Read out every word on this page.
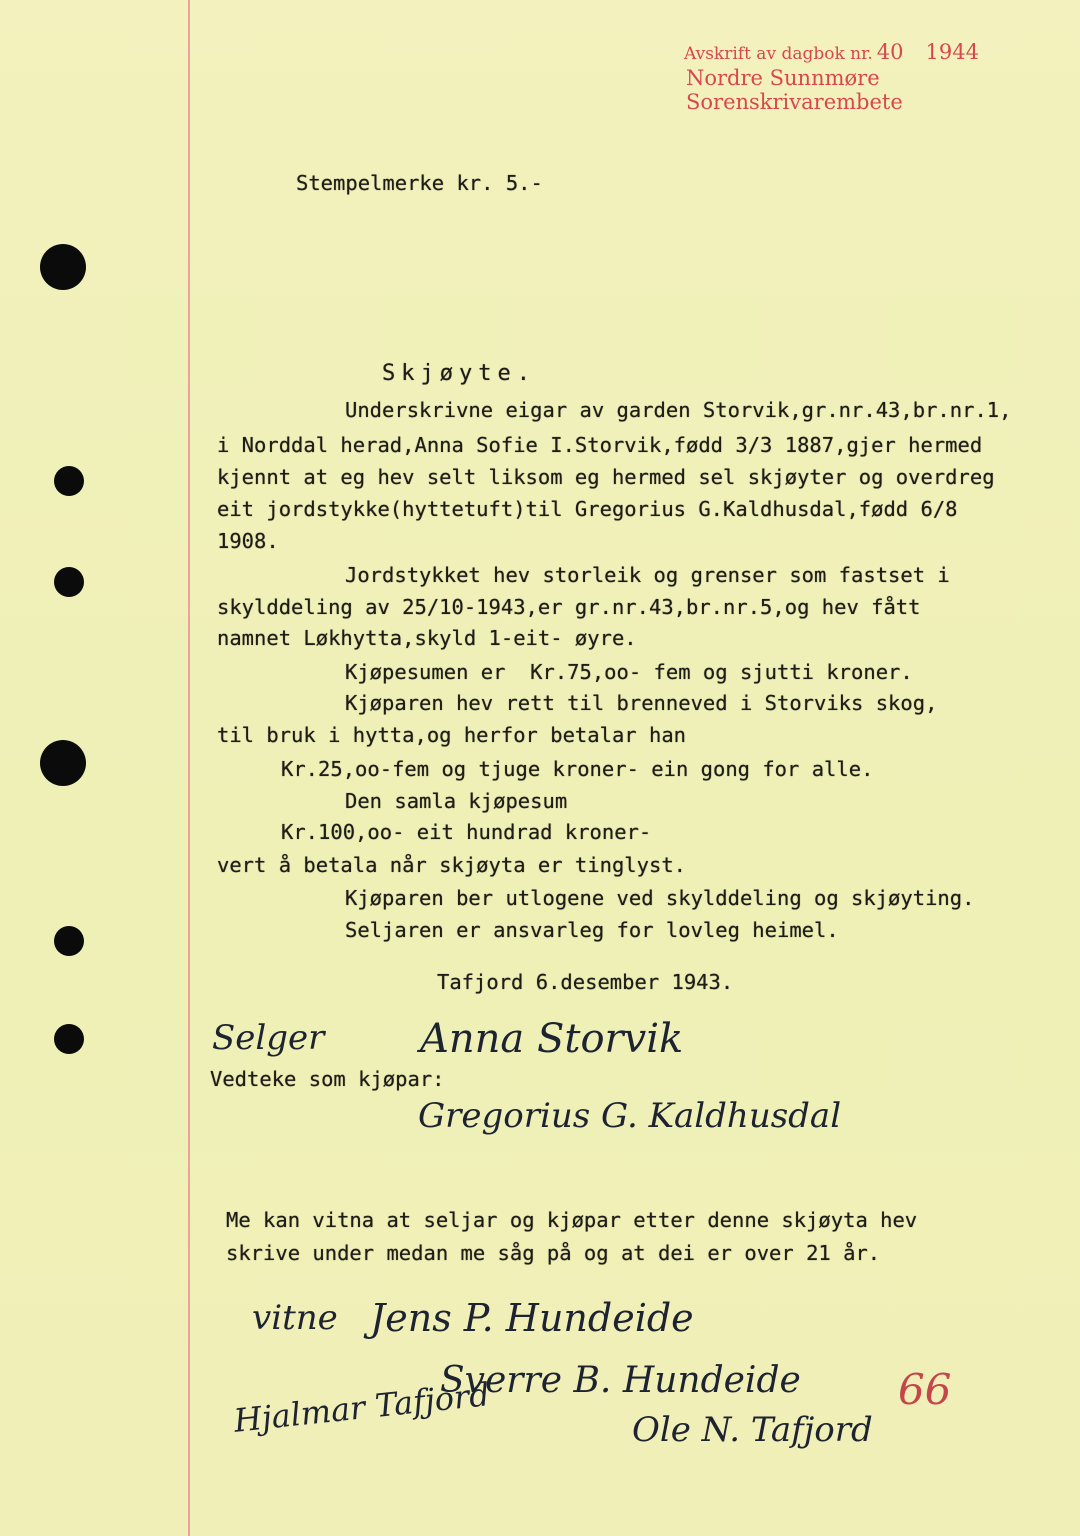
Avskrift av dagbok nr. 40 1944
Nordre Sunnmøre Sorenskrivarembete
Stempelmerke kr. 5.-
Skjøyte.
Underskrivne eigar av garden Storvik,gr.nr.43,br.nr.1,
i Norddal herad,Anna Sofie I.Storvik,fødd 3/3 1887,gjer hermed
kjennt at eg hev selt liksom eg hermed sel skjøyter og overdreg
eit jordstykke(hyttetuft)til Gregorius G.Kaldhusdal,fødd 6/8
1908.
Jordstykket hev storleik og grenser som fastset i
skylddeling av 25/10-1943,er gr.nr.43,br.nr.5,og hev fått
namnet Løkhytta,skyld 1-eit- øyre.
Kjøpesumen er  Kr.75,oo- fem og sjutti kroner.
Kjøparen hev rett til brenneved i Storviks skog,
til bruk i hytta,og herfor betalar han
Kr.25,oo-fem og tjuge kroner- ein gong for alle.
Den samla kjøpesum
Kr.100,oo- eit hundrad kroner-
vert å betala når skjøyta er tinglyst.
Kjøparen ber utlogene ved skylddeling og skjøyting.
Seljaren er ansvarleg for lovleg heimel.
Tafjord 6.desember 1943.
Selger Anna Storvik
Vedteke som kjøpar:
Gregorius G. Kaldhusdal
Me kan vitna at seljar og kjøpar etter denne skjøyta hev
skrive under medan me såg på og at dei er over 21 år.
vitne Jens P. Hundeide
Sverre B. Hundeide
Hjalmar Tafjord	Ole N. Tafjord
66
